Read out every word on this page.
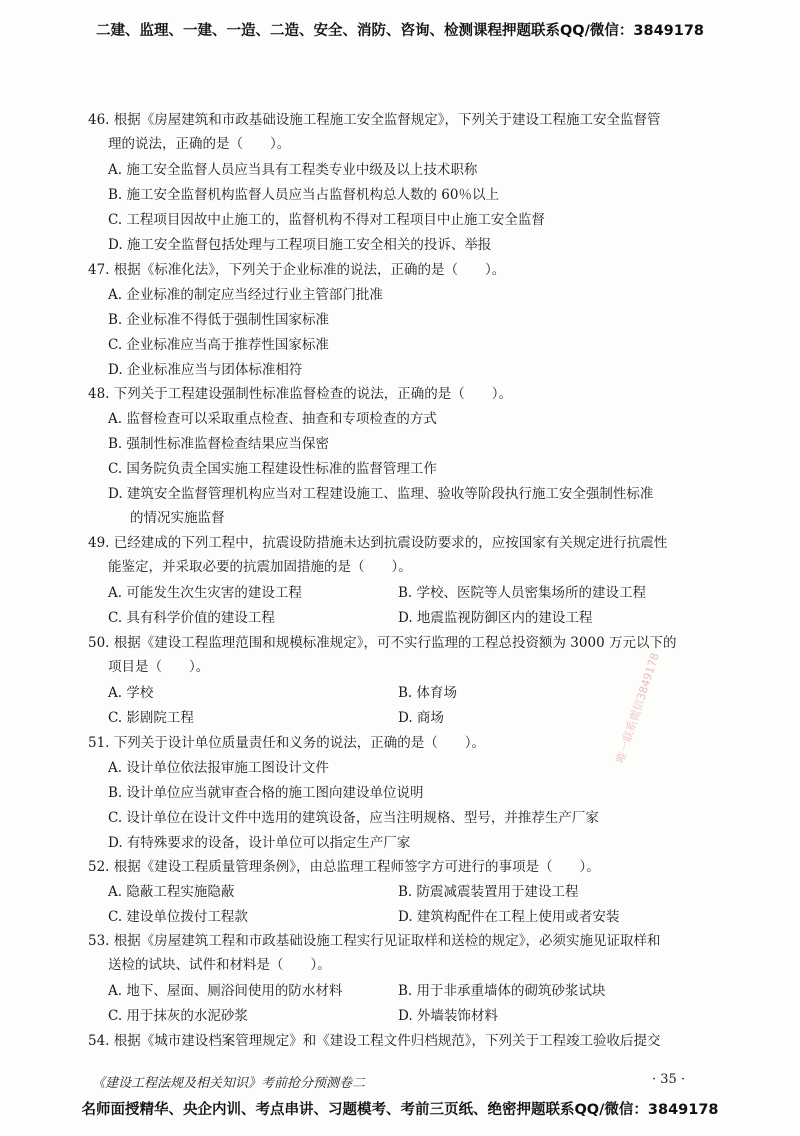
二建、监理、一建、一造、二造、安全、消防、咨询、检测课程押题联系QQ/微信：3849178
46. 根据《房屋建筑和市政基础设施工程施工安全监督规定》，下列关于建设工程施工安全监督管
理的说法，正确的是（　　）。
A. 施工安全监督人员应当具有工程类专业中级及以上技术职称
B. 施工安全监督机构监督人员应当占监督机构总人数的 60％以上
C. 工程项目因故中止施工的，监督机构不得对工程项目中止施工安全监督
D. 施工安全监督包括处理与工程项目施工安全相关的投诉、举报
47. 根据《标准化法》，下列关于企业标准的说法，正确的是（　　）。
A. 企业标准的制定应当经过行业主管部门批准
B. 企业标准不得低于强制性国家标准
C. 企业标准应当高于推荐性国家标准
D. 企业标准应当与团体标准相符
48. 下列关于工程建设强制性标准监督检查的说法，正确的是（　　）。
A. 监督检查可以采取重点检查、抽查和专项检查的方式
B. 强制性标准监督检查结果应当保密
C. 国务院负责全国实施工程建设性标准的监督管理工作
D. 建筑安全监督管理机构应当对工程建设施工、监理、验收等阶段执行施工安全强制性标准
的情况实施监督
49. 已经建成的下列工程中，抗震设防措施未达到抗震设防要求的，应按国家有关规定进行抗震性
能鉴定，并采取必要的抗震加固措施的是（　　）。
A. 可能发生次生灾害的建设工程	B. 学校、医院等人员密集场所的建设工程
C. 具有科学价值的建设工程	D. 地震监视防御区内的建设工程
50. 根据《建设工程监理范围和规模标准规定》，可不实行监理的工程总投资额为 3000 万元以下的
项目是（　　）。
A. 学校	B. 体育场
C. 影剧院工程	D. 商场
51. 下列关于设计单位质量责任和义务的说法，正确的是（　　）。
A. 设计单位依法报审施工图设计文件
B. 设计单位应当就审查合格的施工图向建设单位说明
C. 设计单位在设计文件中选用的建筑设备，应当注明规格、型号，并推荐生产厂家
D. 有特殊要求的设备，设计单位可以指定生产厂家
52. 根据《建设工程质量管理条例》，由总监理工程师签字方可进行的事项是（　　）。
A. 隐蔽工程实施隐蔽	B. 防震减震装置用于建设工程
C. 建设单位拨付工程款	D. 建筑构配件在工程上使用或者安装
53. 根据《房屋建筑工程和市政基础设施工程实行见证取样和送检的规定》，必须实施见证取样和
送检的试块、试件和材料是（　　）。
A. 地下、屋面、厕浴间使用的防水材料	B. 用于非承重墙体的砌筑砂浆试块
C. 用于抹灰的水泥砂浆	D. 外墙装饰材料
54. 根据《城市建设档案管理规定》和《建设工程文件归档规范》，下列关于工程竣工验收后提交
唯一联系微信3849178
《建设工程法规及相关知识》考前抢分预测卷二	· 35 ·
名师面授精华、央企内训、考点串讲、习题模考、考前三页纸、绝密押题联系QQ/微信：3849178
